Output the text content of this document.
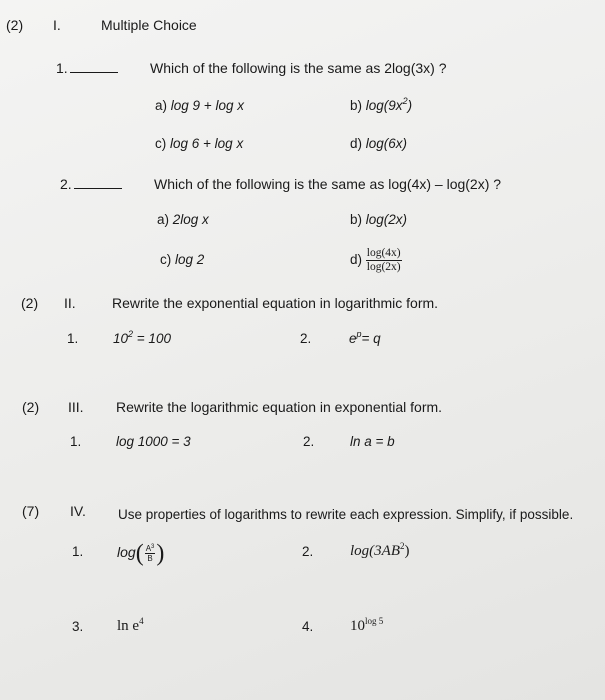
(2) I.	Multiple Choice
1.	Which of the following is the same as 2log(3x) ?
a) log 9 + log x	b) $\log(9x^2)$
c) log 6 + log x	d) log(6x)
2.	Which of the following is the same as log(4x) – log(2x) ?
a) 2log x	b) log(2x)
c) log 2	$d) \frac{\log(4x)}{\log(2x)}$
(2) II.	Rewrite the exponential equation in logarithmic form.
1.	$10^2 = 100$	2.	$e^p= q$
(2) III. Rewrite the logarithmic equation in exponential form.
1.	log 1000 = 3	2.	ln a = b
(7) IV. Use properties of logarithms to rewrite each expression. Simplify, if possible.
1. $\log( \frac{A^3}{B}$ )	2. $\log(3AB^2)$
3. $\ln e^4$	4. $10^{log 5}$
